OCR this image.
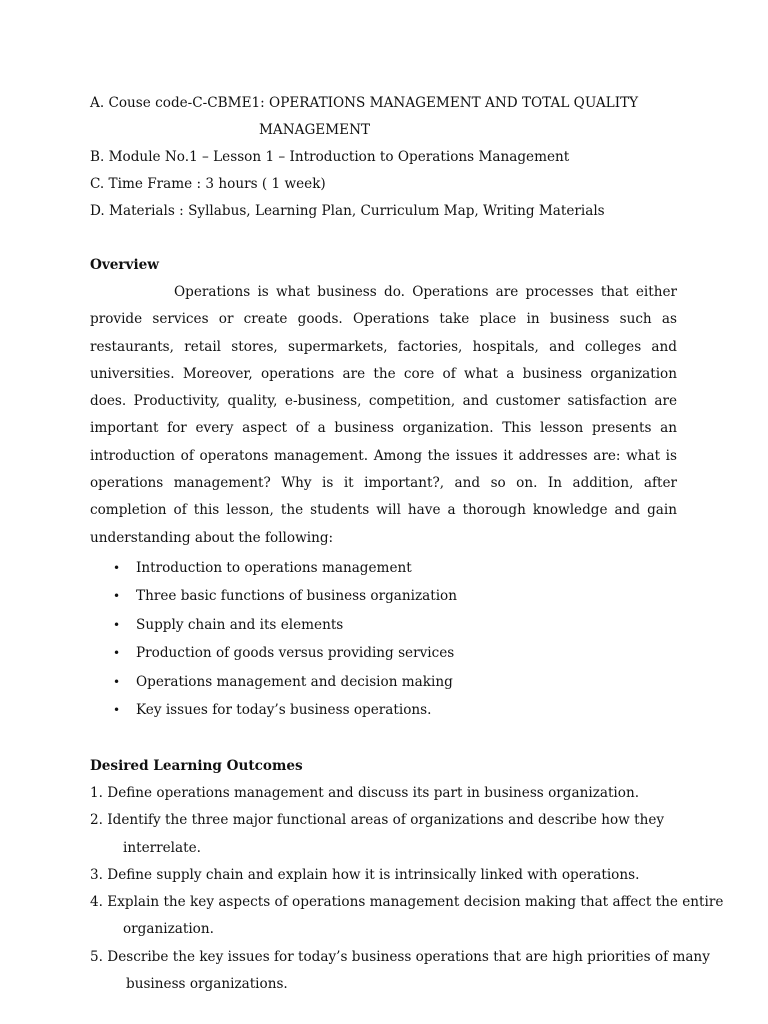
A. Couse code-C-CBME1: OPERATIONS MANAGEMENT AND TOTAL QUALITY
MANAGEMENT
B. Module No.1 – Lesson 1 – Introduction to Operations Management
C. Time Frame : 3 hours ( 1 week)
D. Materials : Syllabus, Learning Plan, Curriculum Map, Writing Materials
Overview

Operations is what business do. Operations are processes that either provide services or create goods. Operations take place in business such as restaurants, retail stores, supermarkets, factories, hospitals, and colleges and universities. Moreover, operations are the core of what a business organization does. Productivity, quality, e-business, competition, and customer satisfaction are important for every aspect of a business organization. This lesson presents an introduction of operatons management. Among the issues it addresses are: what is operations management? Why is it important?, and so on. In addition, after completion of this lesson, the students will have a thorough knowledge and gain understanding about the following:

• Introduction to operations management
• Three basic functions of business organization
• Supply chain and its elements
• Production of goods versus providing services
• Operations management and decision making
• Key issues for today’s business operations.
Desired Learning Outcomes
1. Define operations management and discuss its part in business organization.
2. Identify the three major functional areas of organizations and describe how they
interrelate.
3. Define supply chain and explain how it is intrinsically linked with operations.
4. Explain the key aspects of operations management decision making that affect the entire
organization.
5. Describe the key issues for today’s business operations that are high priorities of many
business organizations.
